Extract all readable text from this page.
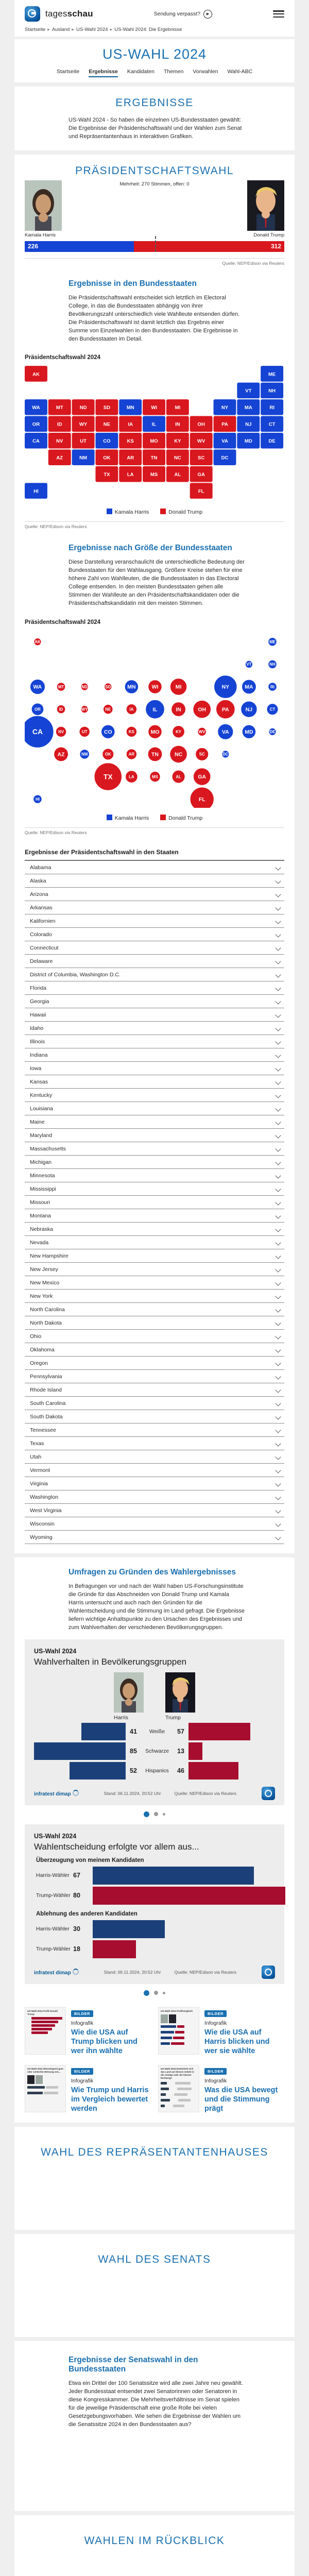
tagesschau	Sendung verpasst?	▶
Startseite ▸ Ausland ▸ US-Wahl 2024 ▸ US-Wahl 2024: Die Ergebnisse
US-WAHL 2024
Startseite Ergebnisse Kandidaten Themen Vorwahlen Wahl-ABC
ERGEBNISSE

US-Wahl 2024 - So haben die einzelnen US-Bundesstaaten gewählt: Die Ergebnisse der Präsidentschaftswahl und der Wahlen zum Senat und Repräsentantenhaus in interaktiven Grafiken.

PRÄSIDENTSCHAFTSWAHL
Mehrheit: 270 Stimmen, offen: 0
Kamala Harris	Donald Trump
226	312
Quelle: NEP/Edison via Reuters
Ergebnisse in den Bundesstaaten

Die Präsidentschaftswahl entscheidet sich letztlich im Electoral College, in das die Bundesstaaten abhängig von ihrer Bevölkerungszahl unterschiedlich viele Wahlleute entsenden dürfen. Die Präsidentschaftswahl ist damit letztlich das Ergebnis einer Summe von Einzelwahlen in den Bundesstaaten. Die Ergebnisse in den Bundesstaaten im Detail.

Präsidentschaftswahl 2024
AK	ME
VT	NH
WA	MT	ND	SD	MN	WI	MI	NY	MA	RI
OR	ID	WY	NE	IA	IL	IN	OH	PA	NJ	CT
CA	NV	UT	CO	KS	MO	KY	WV	VA	MD	DE
AZ	NM	OK	AR	TN	NC	SC	DC
TX	LA	MS	AL	GA
HI	FL
Kamala Harris	Donald Trump
Quelle: NEP/Edison via Reuters
Ergebnisse nach Größe der Bundesstaaten

Diese Darstellung veranschaulicht die unterschiedliche Bedeutung der Bundesstaaten für den Wahlausgang. Größere Kreise stehen für eine höhere Zahl von Wahlleuten, die die Bundesstaaten in das Electoral College entsenden. In den meisten Bundesstaaten gehen alle Stimmen der Wahlleute an den Präsidentschaftskandidaten oder die Präsidentschaftskandidatin mit den meisten Stimmen.

Präsidentschaftswahl 2024
CA
TX
FL
NY
IL	PA
OH
NC
GA
MI
NJ
VA
WA	MA
IN
AZ	TN
MN	WI
CO	MO	MD
SC
AL
OR
KY
LA
CT
OK
IA
NV	UT	KS
AR
MS
NE
NM
ME
NH
MT	RI
ID
WV
HI
AK
VT
ND	SD
WY
DE
DC
Kamala Harris	Donald Trump
Quelle: NEP/Edison via Reuters
Ergebnisse der Präsidentschaftswahl in den Staaten
Alabama
Alaska
Arizona
Arkansas
Kalifornien
Colorado
Connecticut
Delaware
District of Columbia, Washington D.C.
Florida
Georgia
Hawaii
Idaho
Illinois
Indiana
Iowa
Kansas
Kentucky
Louisiana
Maine
Maryland
Massachusetts
Michigan
Minnesota
Mississippi
Missouri
Montana
Nebraska
Nevada
New Hampshire
New Jersey
New Mexico
New York
North Carolina
North Dakota
Ohio
Oklahoma
Oregon
Pennsylvania
Rhode Island
South Carolina
South Dakota
Tennessee
Texas
Utah
Vermont
Virginia
Washington
West Virginia
Wisconsin
Wyoming
Umfragen zu Gründen des Wahlergebnisses

In Befragungen vor und nach der Wahl haben US-Forschungsinstitute die Gründe für das Abschneiden von Donald Trump und Kamala Harris untersucht und auch nach den Gründen für die Wahlentscheidung und die Stimmung im Land gefragt. Die Ergebnisse liefern wichtige Anhaltspunkte zu den Ursachen des Ergebnisses und zum Wahlverhalten der verschiedenen Bevölkerungsgruppen.

US-Wahl 2024
Wahlverhalten in Bevölkerungsgruppen
Harris	Trump
41	Weiße	57
85	Schwarze	13
52	Hispanics	46
infratest dimap	Stand: 06.11.2024, 20:52 Uhr	Quelle: NEP/Edison via Reuters
US-Wahl 2024
Wahlentscheidung erfolgte vor allem aus...
Überzeugung von meinem Kandidaten
Harris-Wähler 67
Trump-Wähler 80
Ablehnung des anderen Kandidaten
Harris-Wähler 30
Trump-Wähler 18
infratest dimap	Stand: 06.11.2024, 20:52 Uhr	Quelle: NEP/Edison via Reuters
US-Wahl 2024 Profil Donald Trump	BILDER
Infografik
Wie die USA auf Trump blicken und wer ihn wählte
US-Wahl 2024 Profilvergleich
BILDER
Infografik
Wie die USA auf Harris blicken und wer sie wählte
US-Wahl 2024 Überwiegend gute oder schlechte Meinung von...	BILDER
Infografik
Wie Trump und Harris im Vergleich bewertet werden
US-Wahl 2024 Entwickelt sich das Land auf diesem Gebiet in die richtige oder die falsche Richtung?
BILDER
Infografik
Was die USA bewegt und die Stimmung prägt
WAHL DES REPRÄSENTANTENHAUSES
WAHL DES SENATS
Ergebnisse der Senatswahl in den Bundesstaaten

Etwa ein Drittel der 100 Senatssitze wird alle zwei Jahre neu gewählt. Jeder Bundesstaat entsendet zwei Senatorinnen oder Senatoren in diese Kongresskammer. Die Mehrheitsverhältnisse im Senat spielen für die jeweilige Präsidentschaft eine große Rolle bei vielen Gesetzgebungsvorhaben. Wie sehen die Ergebnisse der Wahlen um die Senatssitze 2024 in den Bundesstaaten aus?

WAHLEN IM RÜCKBLICK
